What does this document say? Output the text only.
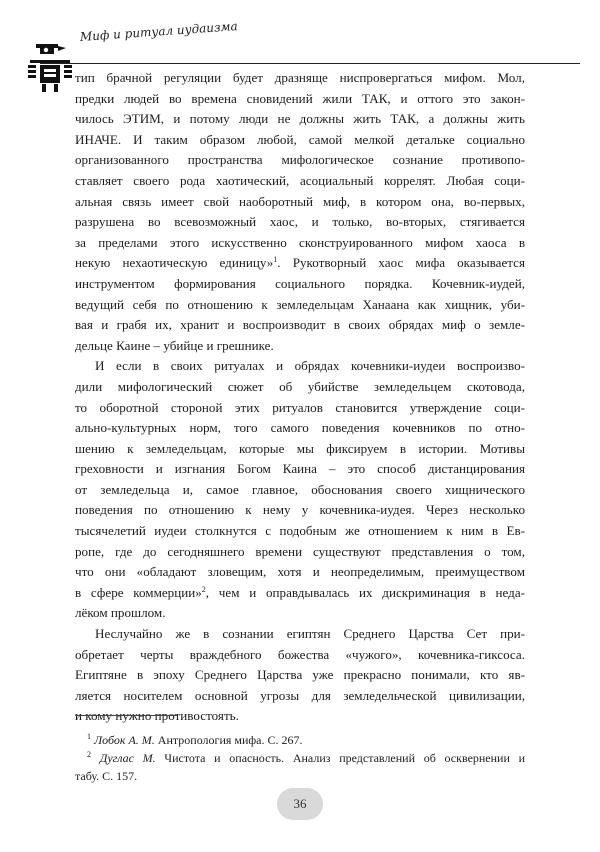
Миф и ритуал иудаизма
тип брачной регуляции будет дразняще ниспровергаться мифом. Мол,
предки людей во времена сновидений жили ТАК, и оттого это закон-
чилось ЭТИМ, и потому люди не должны жить ТАК, а должны жить
ИНАЧЕ. И таким образом любой, самой мелкой детальке социально
организованного пространства мифологическое сознание противопо-
ставляет своего рода хаотический, асоциальный коррелят. Любая соци-
альная связь имеет свой наоборотный миф, в котором она, во-первых,
разрушена во всевозможный хаос, и только, во-вторых, стягивается
за пределами этого искусственно сконструированного мифом хаоса в
некую нехаотическую единицу»$^1$. Рукотворный хаос мифа оказывается
инструментом формирования социального порядка. Кочевник-иудей,
ведущий себя по отношению к земледельцам Ханаана как хищник, уби-
вая и грабя их, хранит и воспроизводит в своих обрядах миф о земле-
дельце Каине – убийце и грешнике.
И если в своих ритуалах и обрядах кочевники-иудеи воспроизво-
дили мифологический сюжет об убийстве земледельцем скотовода,
то оборотной стороной этих ритуалов становится утверждение соци-
ально-культурных норм, того самого поведения кочевников по отно-
шению к земледельцам, которые мы фиксируем в истории. Мотивы
греховности и изгнания Богом Каина – это способ дистанцирования
от земледельца и, самое главное, обоснования своего хищнического
поведения по отношению к нему у кочевника-иудея. Через несколько
тысячелетий иудеи столкнутся с подобным же отношением к ним в Ев-
ропе, где до сегодняшнего времени существуют представления о том,
что они «обладают зловещим, хотя и неопределимым, преимуществом
в сфере коммерции»$^2$, чем и оправдывалась их дискриминация в недa-
лёком прошлом.
Неслучайно же в сознании египтян Среднего Царства Сет при-
обретает черты враждебного божества «чужого», кочевника-гиксоса.
Египтяне в эпоху Среднего Царства уже прекрасно понимали, кто яв-
ляется носителем основной угрозы для земледельческой цивилизации,
и кому нужно противостоять.
$^1$ Лобок А. М. Антропология мифа. С. 267.
$^2$ Дуглас М. Чистота и опасность. Анализ представлений об осквернении и
табу. С. 157.
36
